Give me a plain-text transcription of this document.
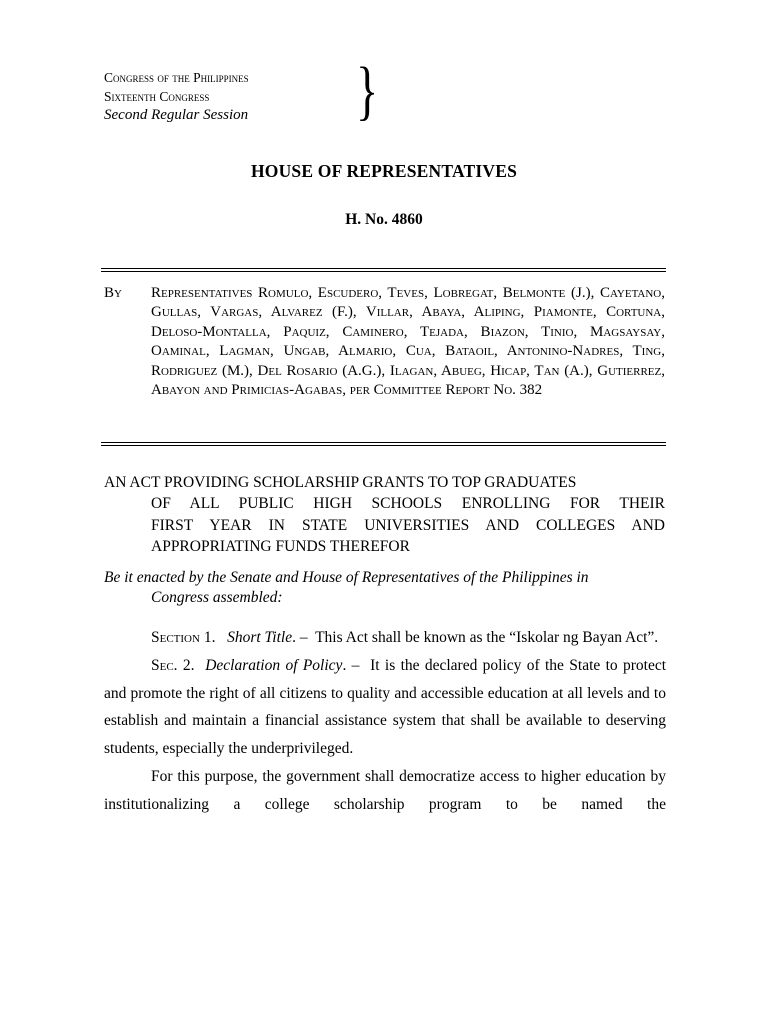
Congress of the Philippines
Sixteenth Congress
Second Regular Session	}
HOUSE OF REPRESENTATIVES
H. No. 4860
By Representatives Romulo, Escudero, Teves, Lobregat, Belmonte (J.), Cayetano, Gullas, Vargas, Alvarez (F.), Villar, Abaya, Aliping, Piamonte, Cortuna, Deloso-Montalla, Paquiz, Caminero, Tejada, Biazon, Tinio, Magsaysay, Oaminal, Lagman, Ungab, Almario, Cua, Bataoil, Antonino-Nadres, Ting, Rodriguez (M.), Del Rosario (A.G.), Ilagan, Abueg, Hicap, Tan (A.), Gutierrez, Abayon and Primicias-Agabas, per Committee Report No. 382
AN ACT PROVIDING SCHOLARSHIP GRANTS TO TOP GRADUATES
OF ALL PUBLIC HIGH SCHOOLS ENROLLING FOR THEIR
FIRST YEAR IN STATE UNIVERSITIES AND COLLEGES AND
APPROPRIATING FUNDS THEREFOR
Be it enacted by the Senate and House of Representatives of the Philippines in
Congress assembled:

Section 1. Short Title. – This Act shall be known as the “Iskolar ng Bayan Act”.

Sec. 2. Declaration of Policy. – It is the declared policy of the State to protect and promote the right of all citizens to quality and accessible education at all levels and to establish and maintain a financial assistance system that shall be available to deserving students, especially the underprivileged.

For this purpose, the government shall democratize access to higher education by institutionalizing a college scholarship program to be named the
